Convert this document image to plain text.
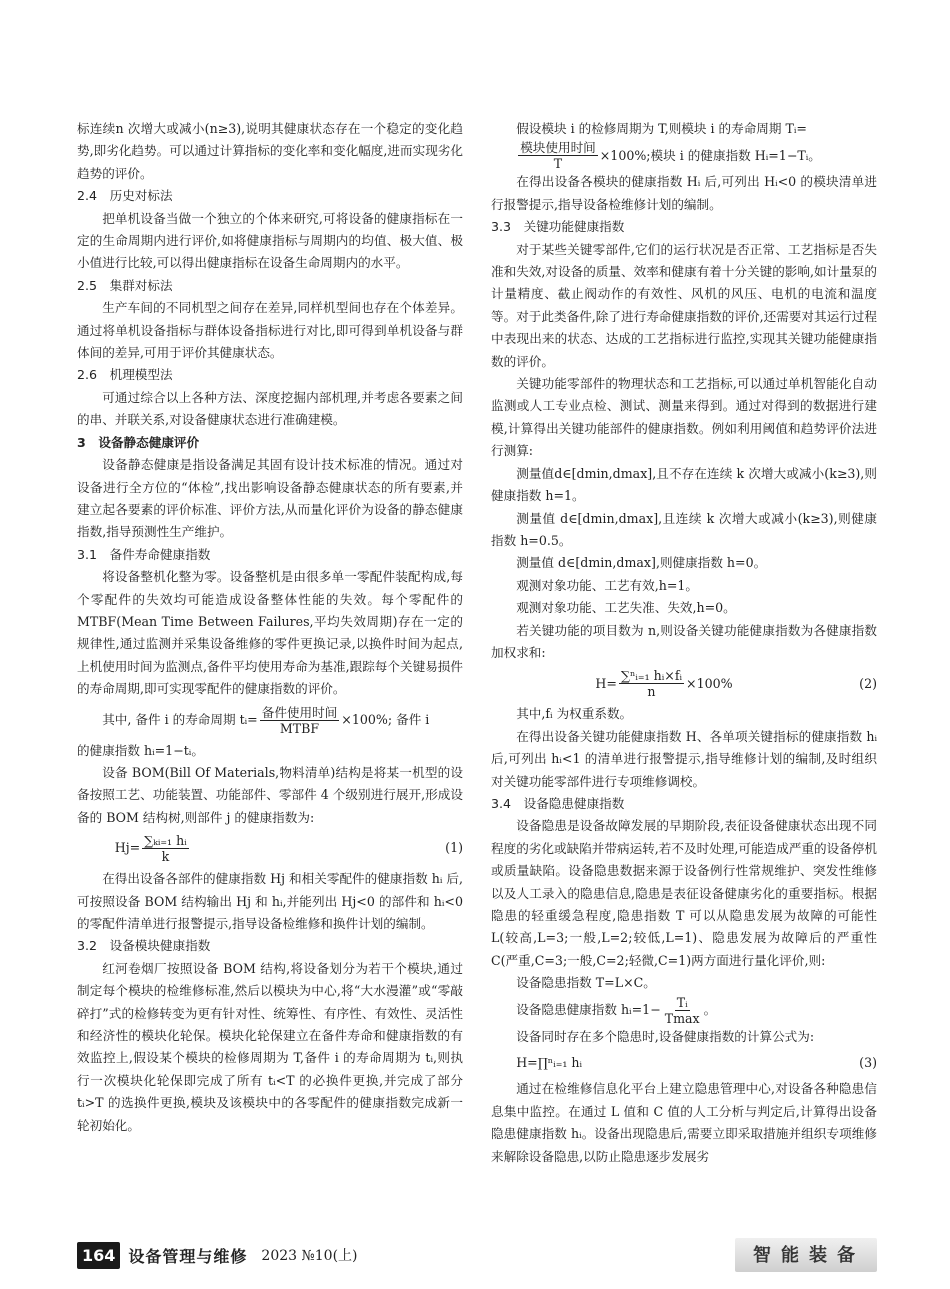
标连续n 次增大或减小(n≥3),说明其健康状态存在一个稳定的变化趋势,即劣化趋势。可以通过计算指标的变化率和变化幅度,进而实现劣化趋势的评价。

2.4　历史对标法

把单机设备当做一个独立的个体来研究,可将设备的健康指标在一定的生命周期内进行评价,如将健康指标与周期内的均值、极大值、极小值进行比较,可以得出健康指标在设备生命周期内的水平。

2.5　集群对标法

生产车间的不同机型之间存在差异,同样机型间也存在个体差异。通过将单机设备指标与群体设备指标进行对比,即可得到单机设备与群体间的差异,可用于评价其健康状态。

2.6　机理模型法

可通过综合以上各种方法、深度挖掘内部机理,并考虑各要素之间的串、并联关系,对设备健康状态进行准确建模。

3　设备静态健康评价

设备静态健康是指设备满足其固有设计技术标准的情况。通过对设备进行全方位的“体检”,找出影响设备静态健康状态的所有要素,并建立起各要素的评价标准、评价方法,从而量化评价为设备的静态健康指数,指导预测性生产维护。

3.1　备件寿命健康指数

将设备整机化整为零。设备整机是由很多单一零配件装配构成,每个零配件的失效均可能造成设备整体性能的失效。每个零配件的 MTBF(Mean Time Between Failures,平均失效周期)存在一定的规律性,通过监测并采集设备维修的零件更换记录,以换件时间为起点,上机使用时间为监测点,备件平均使用寿命为基准,跟踪每个关键易损件的寿命周期,即可实现零配件的健康指数的评价。

其中, 备件 i 的寿命周期 tᵢ= $\frac{\text{备件使用时间}}{\text{MTBF}} \times 100\%$; 备件 i

的健康指数 hᵢ=1−tᵢ。

设备 BOM(Bill Of Materials,物料清单)结构是将某一机型的设备按照工艺、功能装置、功能部件、零部件 4 个级别进行展开,形成设备的 BOM 结构树,则部件 j 的健康指数为:

$Hj= \frac{\text{∑ₖᵢ₌₁ hᵢ}}{k}$	(1)

在得出设备各部件的健康指数 Hj 和相关零配件的健康指数 hᵢ 后,可按照设备 BOM 结构输出 Hj 和 hᵢ,并能列出 Hj<0 的部件和 hᵢ<0 的零配件清单进行报警提示,指导设备检维修和换件计划的编制。

3.2　设备模块健康指数

红河卷烟厂按照设备 BOM 结构,将设备划分为若干个模块,通过制定每个模块的检维修标准,然后以模块为中心,将“大水漫灌”或“零敲碎打”式的检修转变为更有针对性、统筹性、有序性、有效性、灵活性和经济性的模块化轮保。模块化轮保建立在备件寿命和健康指数的有效监控上,假设某个模块的检修周期为 T,备件 i 的寿命周期为 tᵢ,则执行一次模块化轮保即完成了所有 tᵢ<T 的必换件更换,并完成了部分 tᵢ>T 的选换件更换,模块及该模块中的各零配件的健康指数完成新一轮初始化。

假设模块 i 的检修周期为 T,则模块 i 的寿命周期 Tᵢ=
$\frac{\text{模块使用时间}}{T} \times 100\%$;模块 i 的健康指数 Hᵢ=1−Tᵢ。

在得出设备各模块的健康指数 Hᵢ 后,可列出 Hᵢ<0 的模块清单进行报警提示,指导设备检维修计划的编制。

3.3　关键功能健康指数

对于某些关键零部件,它们的运行状况是否正常、工艺指标是否失准和失效,对设备的质量、效率和健康有着十分关键的影响,如计量泵的计量精度、截止阀动作的有效性、风机的风压、电机的电流和温度等。对于此类备件,除了进行寿命健康指数的评价,还需要对其运行过程中表现出来的状态、达成的工艺指标进行监控,实现其关键功能健康指数的评价。

关键功能零部件的物理状态和工艺指标,可以通过单机智能化自动监测或人工专业点检、测试、测量来得到。通过对得到的数据进行建模,计算得出关键功能部件的健康指数。例如利用阈值和趋势评价法进行测算:

测量值d∈[dmin,dmax],且不存在连续 k 次增大或减小(k≥3),则健康指数 h=1。

测量值 d∈[dmin,dmax],且连续 k 次增大或减小(k≥3),则健康指数 h=0.5。

测量值 d∈[dmin,dmax],则健康指数 h=0。

观测对象功能、工艺有效,h=1。

观测对象功能、工艺失准、失效,h=0。

若关键功能的项目数为 n,则设备关键功能健康指数为各健康指数加权求和:

$H= \frac{\text{∑ⁿᵢ₌₁ hᵢ×fᵢ}}{n} \times 100\%$	(2)

其中,fᵢ 为权重系数。

在得出设备关键功能健康指数 H、各单项关键指标的健康指数 hᵢ 后,可列出 hᵢ<1 的清单进行报警提示,指导维修计划的编制,及时组织对关键功能零部件进行专项维修调校。

3.4　设备隐患健康指数

设备隐患是设备故障发展的早期阶段,表征设备健康状态出现不同程度的劣化或缺陷并带病运转,若不及时处理,可能造成严重的设备停机或质量缺陷。设备隐患数据来源于设备例行性常规维护、突发性维修以及人工录入的隐患信息,隐患是表征设备健康劣化的重要指标。根据隐患的轻重缓急程度,隐患指数 T 可以从隐患发展为故障的可能性 L(较高,L=3;一般,L=2;较低,L=1)、隐患发展为故障后的严重性 C(严重,C=3;一般,C=2;轻微,C=1)两方面进行量化评价,则:

设备隐患指数 T=L×C。

设备隐患健康指数 hᵢ=1− $\frac{\text{Tᵢ}}{Tmax}$ 。

设备同时存在多个隐患时,设备健康指数的计算公式为:

H=∏ⁿᵢ₌₁ hᵢ	(3)

通过在检维修信息化平台上建立隐患管理中心,对设备各种隐患信息集中监控。在通过 L 值和 C 值的人工分析与判定后,计算得出设备隐患健康指数 hᵢ。设备出现隐患后,需要立即采取措施并组织专项维修来解除设备隐患,以防止隐患逐步发展劣

164 设备管理与维修 2023 №10(上)	智能装备
